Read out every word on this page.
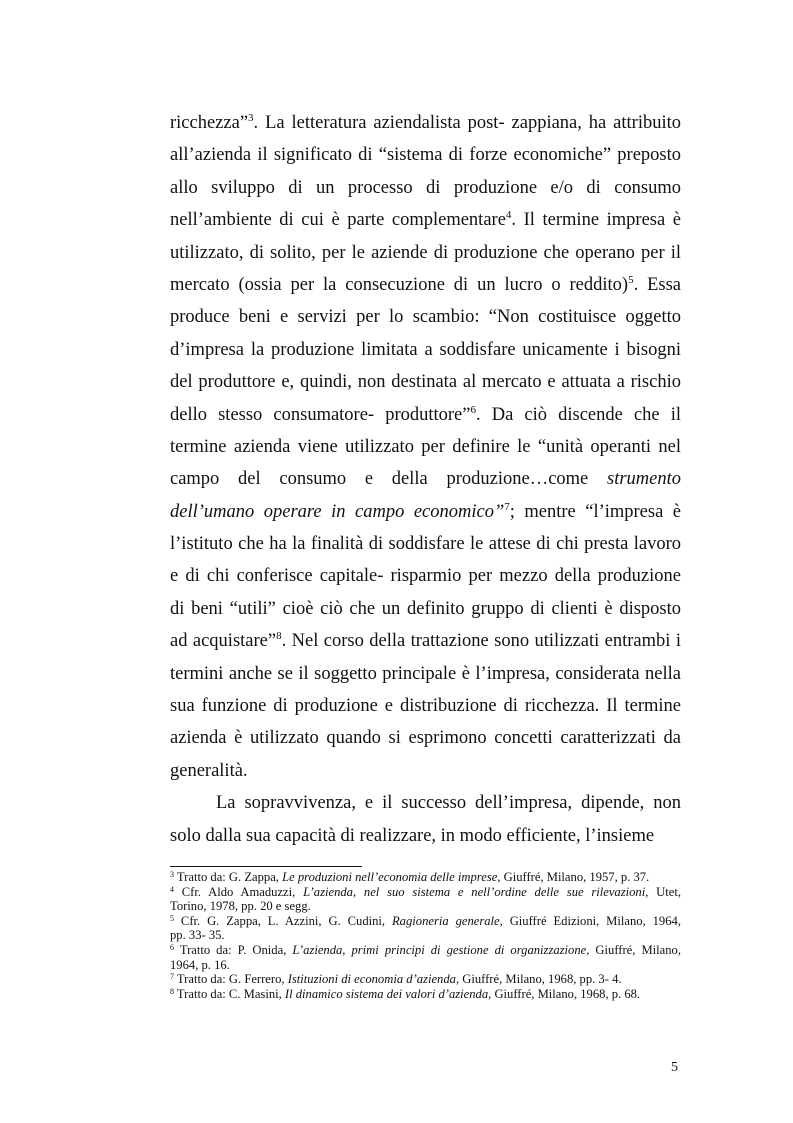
ricchezza”$^3$. La letteratura aziendalista post- zappiana, ha attribuito
all’azienda il significato di “sistema di forze economiche” preposto
allo sviluppo di un processo di produzione e/o di consumo
nell’ambiente di cui è parte complementare$^4$. Il termine impresa è
utilizzato, di solito, per le aziende di produzione che operano per il
mercato (ossia per la consecuzione di un lucro o reddito)$^5$. Essa
produce beni e servizi per lo scambio: “Non costituisce oggetto
d’impresa la produzione limitata a soddisfare unicamente i bisogni
del produttore e, quindi, non destinata al mercato e attuata a rischio
dello stesso consumatore- produttore”$^6$. Da ciò discende che il
termine azienda viene utilizzato per definire le “unità operanti nel
campo del consumo e della produzione…come strumento
dell’umano operare in campo economico”$^7$; mentre “l’impresa è
l’istituto che ha la finalità di soddisfare le attese di chi presta lavoro
e di chi conferisce capitale- risparmio per mezzo della produzione
di beni “utili” cioè ciò che un definito gruppo di clienti è disposto
ad acquistare”$^8$. Nel corso della trattazione sono utilizzati entrambi i
termini anche se il soggetto principale è l’impresa, considerata nella
sua funzione di produzione e distribuzione di ricchezza. Il termine
azienda è utilizzato quando si esprimono concetti caratterizzati da
generalità.
La sopravvivenza, e il successo dell’impresa, dipende, non
solo dalla sua capacità di realizzare, in modo efficiente, l’insieme
$^3$ Tratto da: G. Zappa, Le produzioni nell’economia delle imprese, Giuffré, Milano, 1957, p. 37.
$^4$ Cfr. Aldo Amaduzzi, L’azienda, nel suo sistema e nell’ordine delle sue rilevazioni, Utet,
Torino, 1978, pp. 20 e segg.
$^5$ Cfr. G. Zappa, L. Azzini, G. Cudini, Ragioneria generale, Giuffré Edizioni, Milano, 1964,
pp. 33- 35.
$^6$ Tratto da: P. Onida, L’azienda, primi principi di gestione di organizzazione, Giuffré, Milano,
1964, p. 16.
$^7$ Tratto da: G. Ferrero, Istituzioni di economia d’azienda, Giuffré, Milano, 1968, pp. 3- 4.
$^8$ Tratto da: C. Masini, Il dinamico sistema dei valori d’azienda, Giuffré, Milano, 1968, p. 68.
5
